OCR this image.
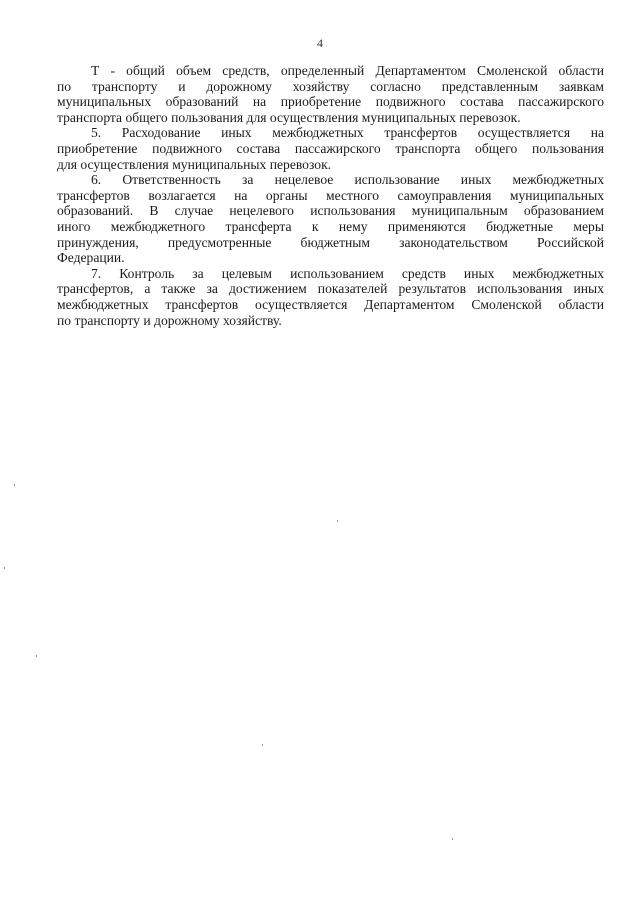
4
Т - общий объем средств, определенный Департаментом Смоленской области
по транспорту и дорожному хозяйству согласно представленным заявкам
муниципальных образований на приобретение подвижного состава пассажирского
транспорта общего пользования для осуществления муниципальных перевозок.
5. Расходование иных межбюджетных трансфертов осуществляется на
приобретение подвижного состава пассажирского транспорта общего пользования
для осуществления муниципальных перевозок.
6. Ответственность за нецелевое использование иных межбюджетных
трансфертов возлагается на органы местного самоуправления муниципальных
образований. В случае нецелевого использования муниципальным образованием
иного межбюджетного трансферта к нему применяются бюджетные меры
принуждения, предусмотренные бюджетным законодательством Российской
Федерации.
7. Контроль за целевым использованием средств иных межбюджетных
трансфертов, а также за достижением показателей результатов использования иных
межбюджетных трансфертов осуществляется Департаментом Смоленской области
по транспорту и дорожному хозяйству.
